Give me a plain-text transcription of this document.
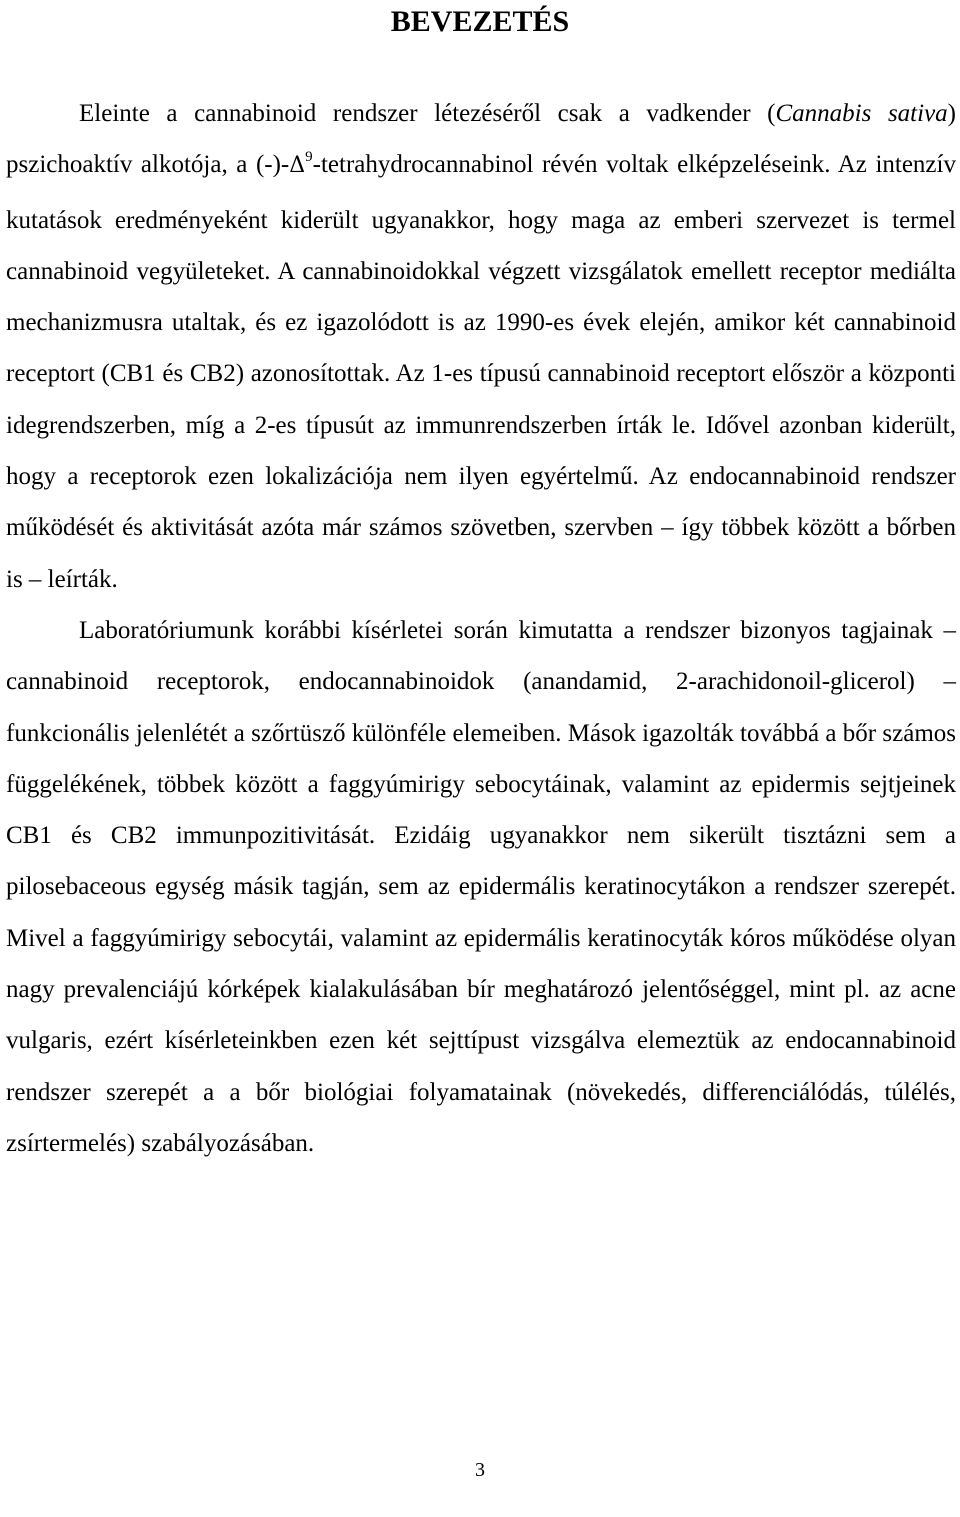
BEVEZETÉS

Eleinte a cannabinoid rendszer létezéséről csak a vadkender (Cannabis sativa) pszichoaktív alkotója, a $(-)-\Delta^9$-tetrahydrocannabinol révén voltak elképzeléseink. Az intenzív kutatások eredményeként kiderült ugyanakkor, hogy maga az emberi szervezet is termel cannabinoid vegyületeket. A cannabinoidokkal végzett vizsgálatok emellett receptor mediálta mechanizmusra utaltak, és ez igazolódott is az 1990-es évek elején, amikor két cannabinoid receptort (CB1 és CB2) azonosítottak. Az 1-es típusú cannabinoid receptort először a központi idegrendszerben, míg a 2-es típusút az immunrendszerben írták le. Idővel azonban kiderült, hogy a receptorok ezen lokalizációja nem ilyen egyértelmű. Az endocannabinoid rendszer működését és aktivitását azóta már számos szövetben, szervben – így többek között a bőrben is – leírták.

Laboratóriumunk korábbi kísérletei során kimutatta a rendszer bizonyos tagjainak – cannabinoid receptorok, endocannabinoidok (anandamid, 2-arachidonoil-glicerol) – funkcionális jelenlétét a szőrtüsző különféle elemeiben. Mások igazolták továbbá a bőr számos függelékének, többek között a faggyúmirigy sebocytáinak, valamint az epidermis sejtjeinek CB1 és CB2 immunpozitivitását. Ezidáig ugyanakkor nem sikerült tisztázni sem a pilosebaceous egység másik tagján, sem az epidermális keratinocytákon a rendszer szerepét. Mivel a faggyúmirigy sebocytái, valamint az epidermális keratinocyták kóros működése olyan nagy prevalenciájú kórképek kialakulásában bír meghatározó jelentőséggel, mint pl. az acne vulgaris, ezért kísérleteinkben ezen két sejttípust vizsgálva elemeztük az endocannabinoid rendszer szerepét a a bőr biológiai folyamatainak (növekedés, differenciálódás, túlélés, zsírtermelés) szabályozásában.

3
